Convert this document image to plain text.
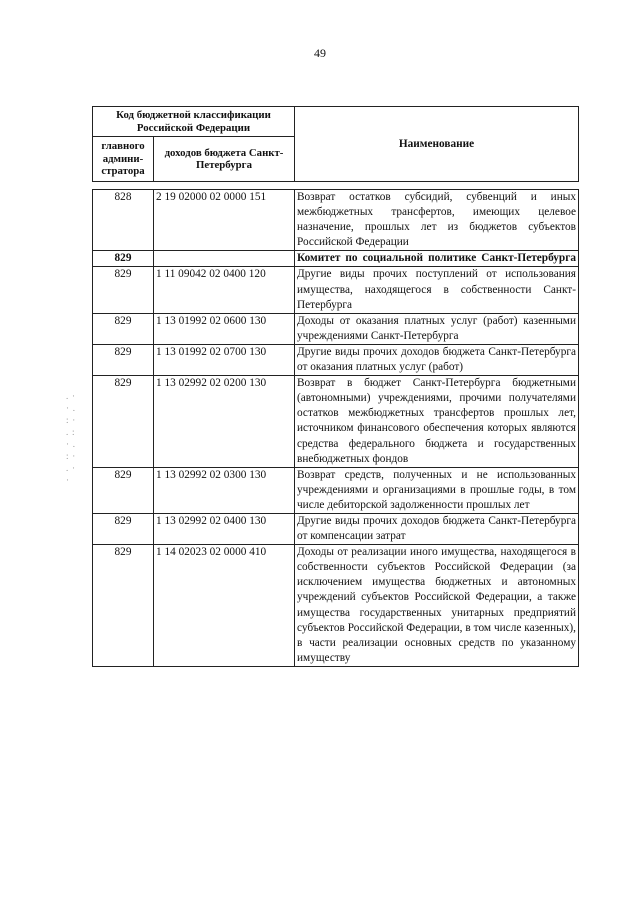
49
Код бюджетной классификации Российской Федерации		Наименование
главного админи-стратора	доходов бюджета Санкт-Петербурга	
828	2 19 02000 02 0000 151	Возврат остатков субсидий, субвенций и иных межбюджетных трансфертов, имеющих целевое назначение, прошлых лет из бюджетов субъектов Российской Федерации
829		Комитет по социальной политике Санкт-Петербурга
829	1 11 09042 02 0400 120	Другие виды прочих поступлений от использования имущества, находящегося в собственности Санкт-Петербурга
829	1 13 01992 02 0600 130	Доходы от оказания платных услуг (работ) казенными учреждениями Санкт-Петербурга
829	1 13 01992 02 0700 130	Другие виды прочих доходов бюджета Санкт-Петербурга от оказания платных услуг (работ)
829	1 13 02992 02 0200 130	Возврат в бюджет Санкт-Петербурга бюджетными (автономными) учреждениями, прочими получателями остатков межбюджетных трансфертов прошлых лет, источником финансового обеспечения которых являются средства федерального бюджета и государственных внебюджетных фондов
829	1 13 02992 02 0300 130	Возврат средств, полученных и не использованных учреждениями и организациями в прошлые годы, в том числе дебиторской задолженности прошлых лет
829	1 13 02992 02 0400 130	Другие виды прочих доходов бюджета Санкт-Петербурга от компенсации затрат
829	1 14 02023 02 0000 410	Доходы от реализации иного имущества, находящегося в собственности субъектов Российской Федерации (за исключением имущества бюджетных и автономных учреждений субъектов Российской Федерации, а также имущества государственных унитарных предприятий субъектов Российской Федерации, в том числе казенных), в части реализации основных средств по указанному имуществу
. ·
· .
: ·
. :
· .
: ·
. ·
·
